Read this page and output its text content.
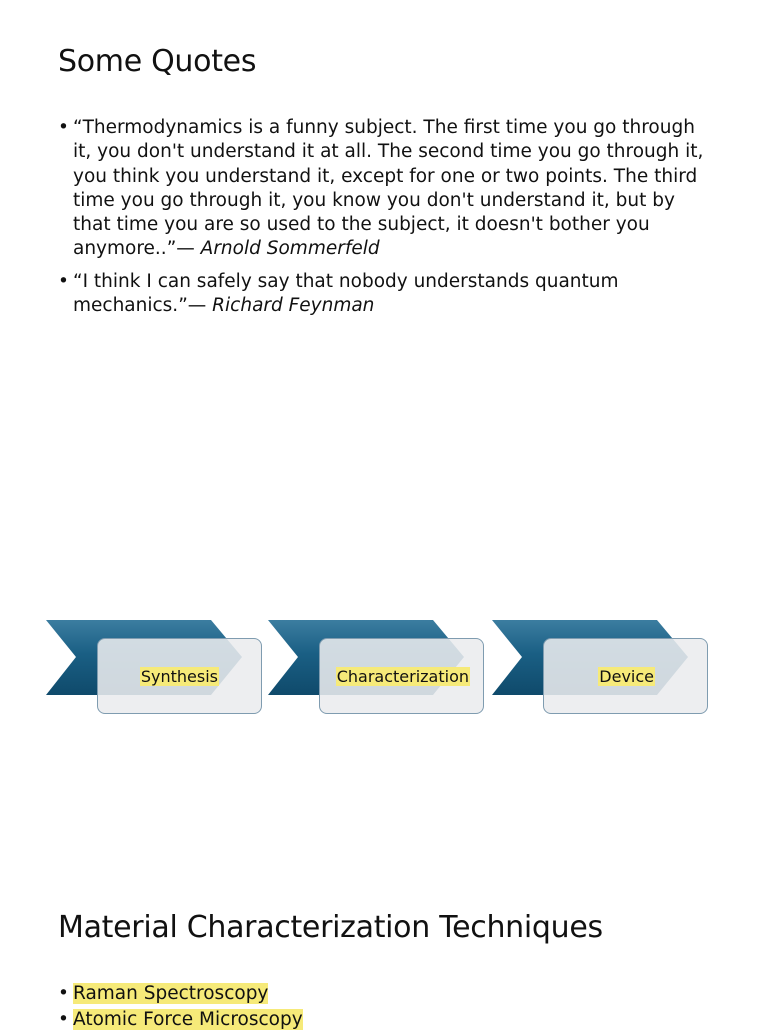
Some Quotes
• “Thermodynamics is a funny subject. The first time you go through it, you don't understand it at all. The second time you go through it, you think you understand it, except for one or two points. The third time you go through it, you know you don't understand it, but by that time you are so used to the subject, it doesn't bother you anymore..”— Arnold Sommerfeld
• “I think I can safely say that nobody understands quantum mechanics.”— Richard Feynman
Synthesis	Characterization	Device
Material Characterization Techniques
• Raman Spectroscopy
• Atomic Force Microscopy
